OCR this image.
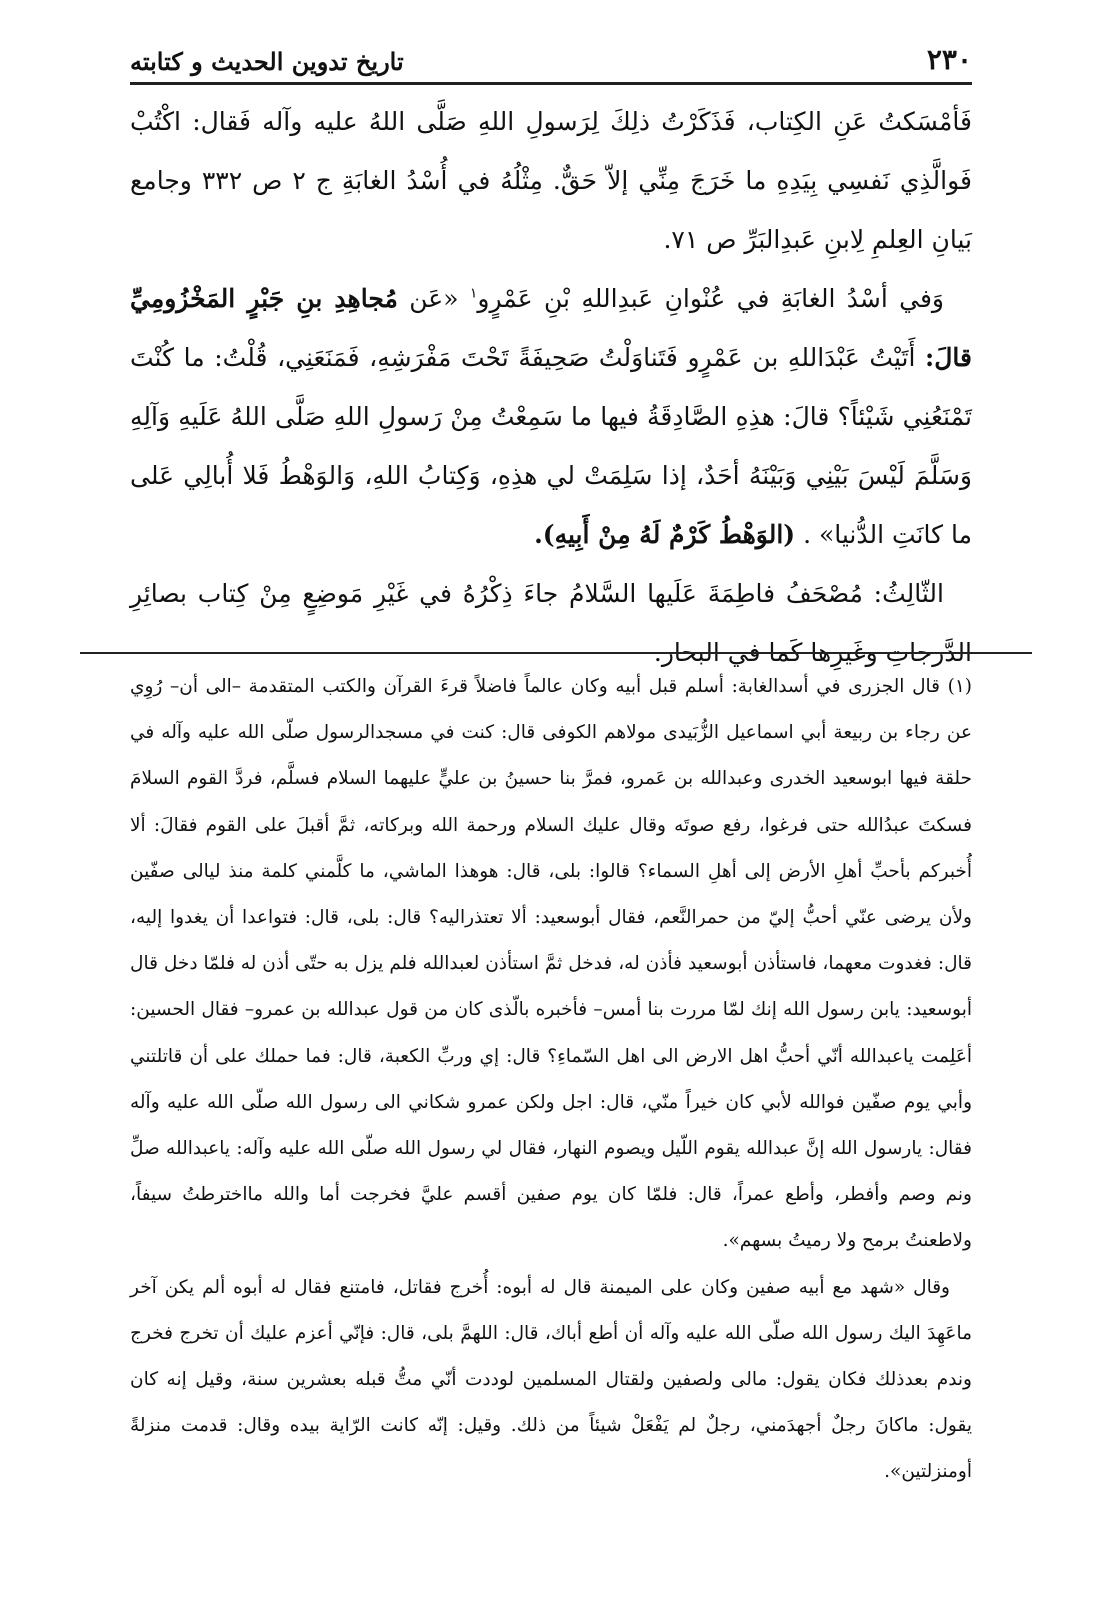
٢٣٠
تاريخ تدوين الحديث و كتابته

فَأمْسَكتُ عَنِ الكِتاب، فَذَكَرْتُ ذلِكَ لِرَسولِ اللهِ صَلَّى اللهُ عليه وآله فَقال: اكْتُبْ فَوالَّذِي نَفسِي بِيَدِهِ ما خَرَجَ مِنِّي إلاّ حَقٌّ. مِثْلُهُ في أُسْدُ الغابَةِ ج ٢ ص ٣٣٢ وجامع بَيانِ العِلمِ لِابنِ عَبدِالبَرِّ ص ٧١.

وَفي أسْدُ الغابَةِ في عُنْوانِ عَبدِاللهِ بْنِ عَمْرٍو$^١$ «عَن مُجاهِدِ بنِ جَبْرٍ المَخْزُومِيِّ قالَ: أَتَيْتُ عَبْدَاللهِ بن عَمْرٍو فَتَناوَلْتُ صَحِيفَةً تَحْتَ مَفْرَشِهِ، فَمَنَعَنِي، قُلْتُ: ما كُنْتَ تَمْنَعُنِي شَيْئاً؟ قالَ: هذِهِ الصَّادِقَةُ فيها ما سَمِعْتُ مِنْ رَسولِ اللهِ صَلَّى اللهُ عَلَيهِ وَآلِهِ وَسَلَّمَ لَيْسَ بَيْنِي وَبَيْنَهُ أحَدٌ، إذا سَلِمَتْ لي هذِهِ، وَكِتابُ اللهِ، وَالوَهْطُ فَلا أُبالِي عَلى ما كانَتِ الدُّنيا» . (الوَهْطُ كَرْمٌ لَهُ مِنْ أَبِيهِ).

الثّالِثُ: مُصْحَفُ فاطِمَةَ عَلَيها السَّلامُ جاءَ ذِكْرُهُ في غَيْرِ مَوضِعٍ مِنْ كِتاب بصائِرِ الدَّرجاتِ وغَيرِها كَما في البحار.

(١) قال الجزرى في أسدالغابة: أسلم قبل أبيه وكان عالماً فاضلاً قرءَ القرآن والكتب المتقدمة –الى أن– رُوِي عن رجاء بن ربيعة أبي اسماعيل الزُّبَيدى مولاهم الكوفى قال: كنت في مسجدالرسول صلّى الله عليه وآله في حلقة فيها ابوسعيد الخدرى وعبدالله بن عَمرو، فمرَّ بنا حسينُ بن عليٍّ عليهما السلام فسلَّم، فردَّ القوم السلامَ فسكتَ عبدُالله حتى فرغوا، رفع صوتَه وقال عليك السلام ورحمة الله وبركاته، ثمَّ أقبلَ على القوم فقالَ: ألا أُخبركم بأحبِّ أهلِ الأرض إلى أهلِ السماء؟ قالوا: بلى، قال: هوهذا الماشي، ما كلَّمني كلمة منذ ليالى صفّين ولأن يرضى عنّي أحبُّ إليّ من حمرالنَّعم، فقال أبوسعيد: ألا تعتذراليه؟ قال: بلى، قال: فتواعدا أن يغدوا إليه، قال: فغدوت معهما، فاستأذن أبوسعيد فأذن له، فدخل ثمَّ استأذن لعبدالله فلم يزل به حتّى أذن له فلمّا دخل قال أبوسعيد: يابن رسول الله إنك لمّا مررت بنا أمس– فأخبره بالّذى كان من قول عبدالله بن عمرو– فقال الحسين: أعَلِمت ياعبدالله أنّي أحبُّ اهل الارض الى اهل السّماءِ؟ قال: إي وربِّ الكعبة، قال: فما حملك على أن قاتلتني وأبي يوم صفّين فوالله لأبي كان خيراً منّي، قال: اجل ولكن عمرو شكاني الى رسول الله صلّى الله عليه وآله فقال: يارسول الله إنَّ عبدالله يقوم اللّيل ويصوم النهار، فقال لي رسول الله صلّى الله عليه وآله: ياعبدالله صلِّ ونم وصم وأفطر، وأطع عمراً، قال: فلمّا كان يوم صفين أقسم عليَّ فخرجت أما والله مااخترطتُ سيفاً، ولاطعنتُ برمح ولا رميتُ بسهم».

وقال «شهد مع أبيه صفين وكان على الميمنة قال له أبوه: أُخرج فقاتل، فامتنع فقال له أبوه ألم يكن آخر ماعَهِدَ اليك رسول الله صلّى الله عليه وآله أن أطع أباك، قال: اللهمَّ بلى، قال: فإنّي أعزم عليك أن تخرج فخرج وندم بعدذلك فكان يقول: مالى ولصفين ولقتال المسلمين لوددت أنّي متُّ قبله بعشرين سنة، وقيل إنه كان يقول: ماكانَ رجلٌ أجهدَمني، رجلٌ لم يَفْعَلْ شيئاً من ذلك. وقيل: إنّه كانت الرّاية بيده وقال: قدمت منزلةً أومنزلتين».
